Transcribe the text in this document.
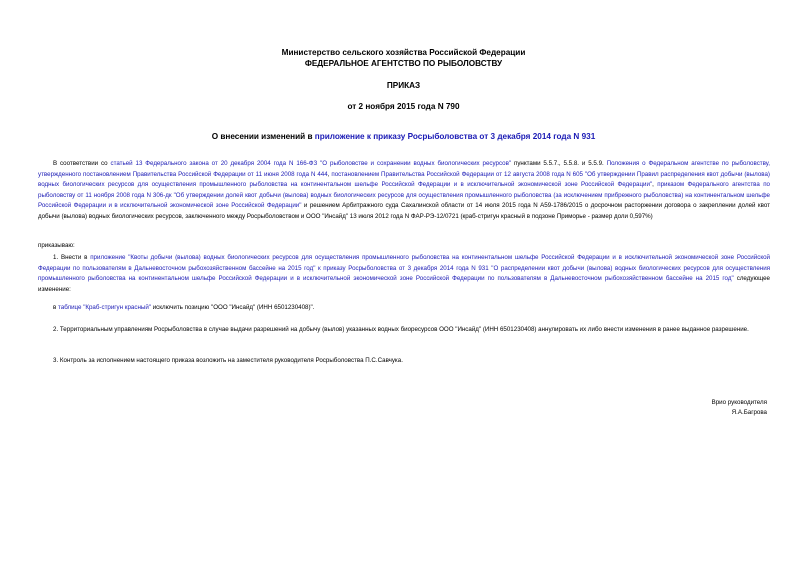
Министерство сельского хозяйства Российской Федерации
ФЕДЕРАЛЬНОЕ АГЕНТСТВО ПО РЫБОЛОВСТВУ
ПРИКАЗ
от 2 ноября 2015 года N 790
О внесении изменений в приложение к приказу Росрыболовства от 3 декабря 2014 года N 931
В соответствии со статьей 13 Федерального закона от 20 декабря 2004 года N 166-ФЗ "О рыболовстве и сохранении водных биологических ресурсов" пунктами 5.5.7., 5.5.8. и 5.5.9. Положения о Федеральном агентстве по рыболовству, утвержденного постановлением Правительства Российской Федерации от 11 июня 2008 года N 444, постановлением Правительства Российской Федерации от 12 августа 2008 года N 605 "Об утверждении Правил распределения квот добычи (вылова) водных биологических ресурсов для осуществления промышленного рыболовства на континентальном шельфе Российской Федерации и в исключительной экономической зоне Российской Федерации", приказом Федерального агентства по рыболовству от 11 ноября 2008 года N 306-дк "Об утверждении долей квот добычи (вылова) водных биологических ресурсов для осуществления промышленного рыболовства (за исключением прибрежного рыболовства) на континентальном шельфе Российской Федерации и в исключительной экономической зоне Российской Федерации" и решением Арбитражного суда Сахалинской области от 14 июля 2015 года N А59-1786/2015 о досрочном расторжении договора о закреплении долей квот добычи (вылова) водных биологических ресурсов, заключенного между Росрыболовством и ООО "Инсайд" 13 июля 2012 года N ФАР-РЭ-12/0721 (краб-стригун красный в подзоне Приморье - размер доли 0,597%)
приказываю:
1. Внести в приложение "Квоты добычи (вылова) водных биологических ресурсов для осуществления промышленного рыболовства на континентальном шельфе Российской Федерации и в исключительной экономической зоне Российской Федерации по пользователям в Дальневосточном рыбохозяйственном бассейне на 2015 год" к приказу Росрыболовства от 3 декабря 2014 года N 931 "О распределении квот добычи (вылова) водных биологических ресурсов для осуществления промышленного рыболовства на континентальном шельфе Российской Федерации и в исключительной экономической зоне Российской Федерации по пользователям в Дальневосточном рыбохозяйственном бассейне на 2015 год" следующее изменение:
в таблице "Краб-стригун красный" исключить позицию "ООО "Инсайд" (ИНН 6501230408)".
2. Территориальным управлениям Росрыболовства в случае выдачи разрешений на добычу (вылов) указанных водных биоресурсов ООО "Инсайд" (ИНН 6501230408) аннулировать их либо внести изменения в ранее выданное разрешение.
3. Контроль за исполнением настоящего приказа возложить на заместителя руководителя Росрыболовства П.С.Савчука.
Врио руководителя
Я.А.Багрова
